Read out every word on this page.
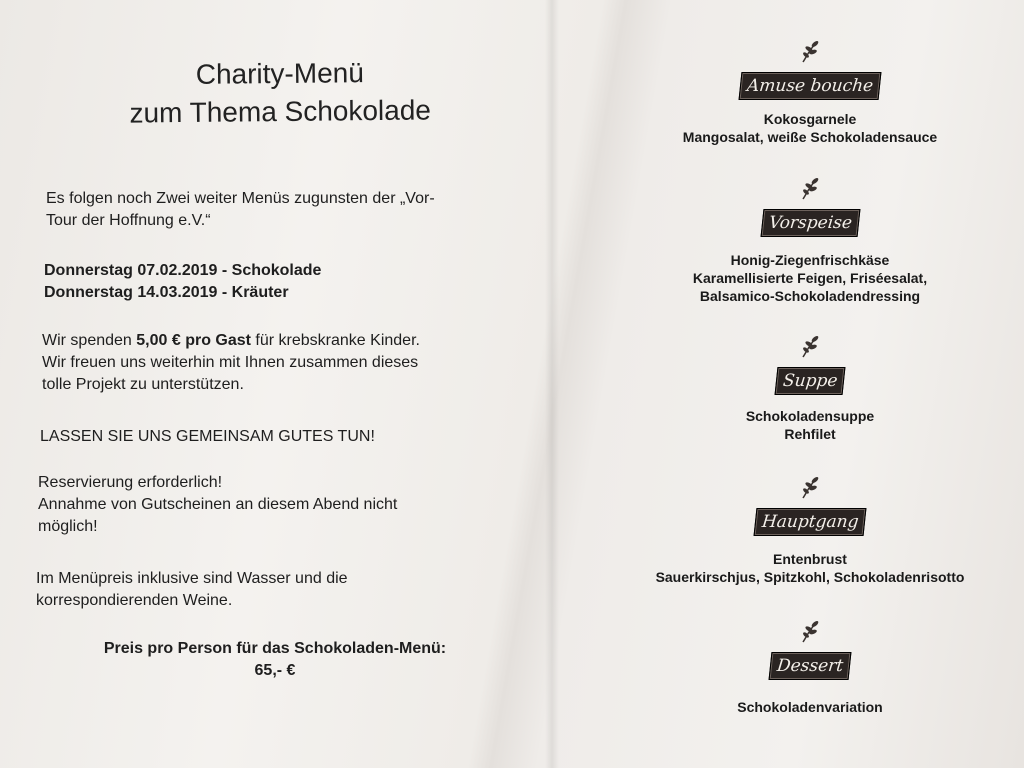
Charity-Menü
zum Thema Schokolade
Es folgen noch Zwei weiter Menüs zugunsten der „Vor-
Tour der Hoffnung e.V.“
Donnerstag 07.02.2019 - Schokolade
Donnerstag 14.03.2019 - Kräuter
Wir spenden 5,00 € pro Gast für krebskranke Kinder.
Wir freuen uns weiterhin mit Ihnen zusammen dieses
tolle Projekt zu unterstützen.
LASSEN SIE UNS GEMEINSAM GUTES TUN!
Reservierung erforderlich!
Annahme von Gutscheinen an diesem Abend nicht
möglich!
Im Menüpreis inklusive sind Wasser und die
korrespondierenden Weine.
Preis pro Person für das Schokoladen-Menü:
65,- €
Amuse bouche
Kokosgarnele
Mangosalat, weiße Schokoladensauce
Vorspeise
Honig-Ziegenfrischkäse
Karamellisierte Feigen, Friséesalat,
Balsamico-Schokoladendressing
Suppe
Schokoladensuppe
Rehfilet
Hauptgang
Entenbrust
Sauerkirschjus, Spitzkohl, Schokoladenrisotto
Dessert
Schokoladenvariation
